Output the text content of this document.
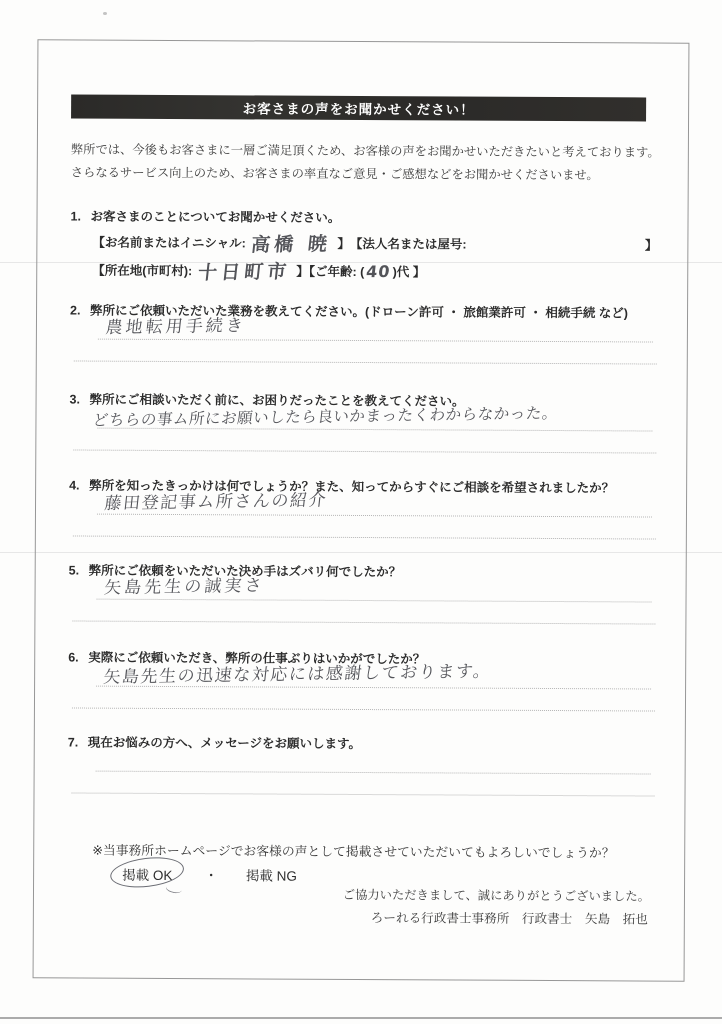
お客さまの声をお聞かせください！
弊所では、今後もお客さまに一層ご満足頂くため、お客様の声をお聞かせいただきたいと考えております。
さらなるサービス向上のため、お客さまの率直なご意見・ご感想などをお聞かせくださいませ。
1. お客さまのことについてお聞かせください。
【お名前またはイニシャル: 高橋 暁 】 【法人名または屋号:	】
【所在地(市町村): 十日町市 】【ご年齢: ( 40 )代 】
2. 弊所にご依頼いただいた業務を教えてください。(ドローン許可 ・ 旅館業許可 ・ 相続手続 など)
農地転用手続き
3. 弊所にご相談いただく前に、お困りだったことを教えてください。
どちらの事ム所にお願いしたら良いかまったくわからなかった。
4. 弊所を知ったきっかけは何でしょうか？また、知ってからすぐにご相談を希望されましたか？
藤田登記事ム所さんの紹介
5. 弊所にご依頼をいただいた決め手はズバリ何でしたか？
矢島先生の誠実さ
6. 実際にご依頼いただき、弊所の仕事ぶりはいかがでしたか？
矢島先生の迅速な対応には感謝しております。
7. 現在お悩みの方へ、メッセージをお願いします。
※当事務所ホームページでお客様の声として掲載させていただいてもよろしいでしょうか？
掲載 OK ・ 掲載 NG
ご協力いただきまして、誠にありがとうございました。
ろーれる行政書士事務所　行政書士　矢島　拓也
